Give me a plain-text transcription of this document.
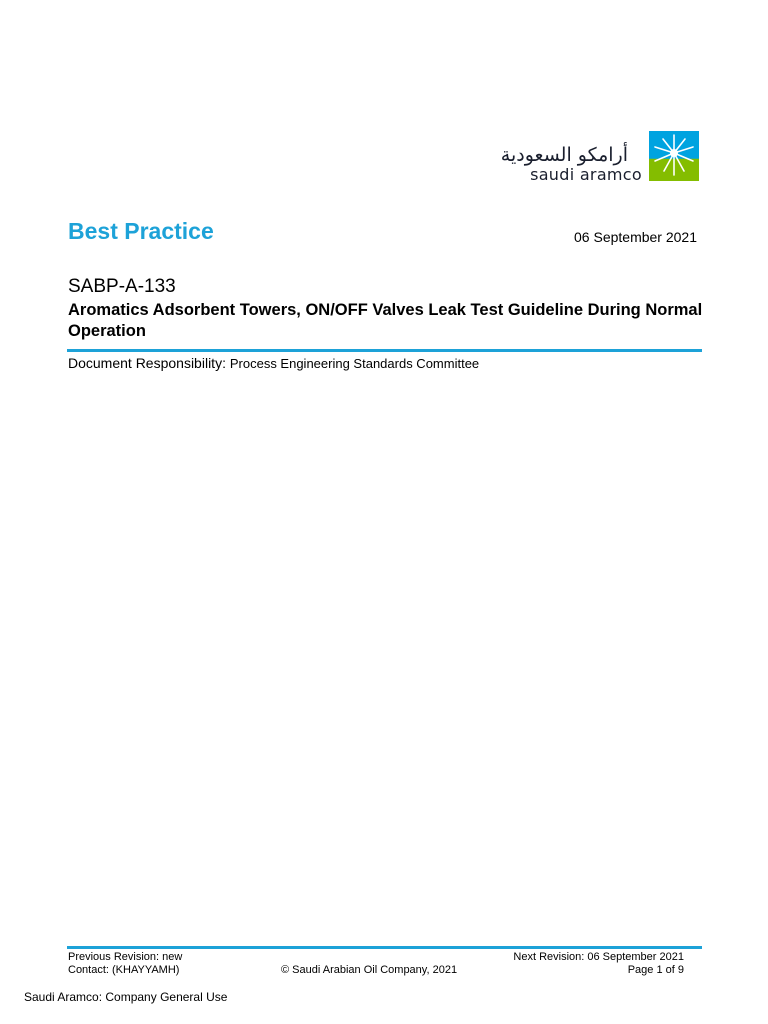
أرامكو السعودية
saudi aramco
Best Practice	06 September 2021
SABP-A-133
Aromatics Adsorbent Towers, ON/OFF Valves Leak Test Guideline During Normal Operation
Document Responsibility: Process Engineering Standards Committee
Previous Revision: new
Contact: (KHAYYAMH)	© Saudi Arabian Oil Company, 2021
Next Revision: 06 September 2021
Page 1 of 9
Saudi Aramco: Company General Use
